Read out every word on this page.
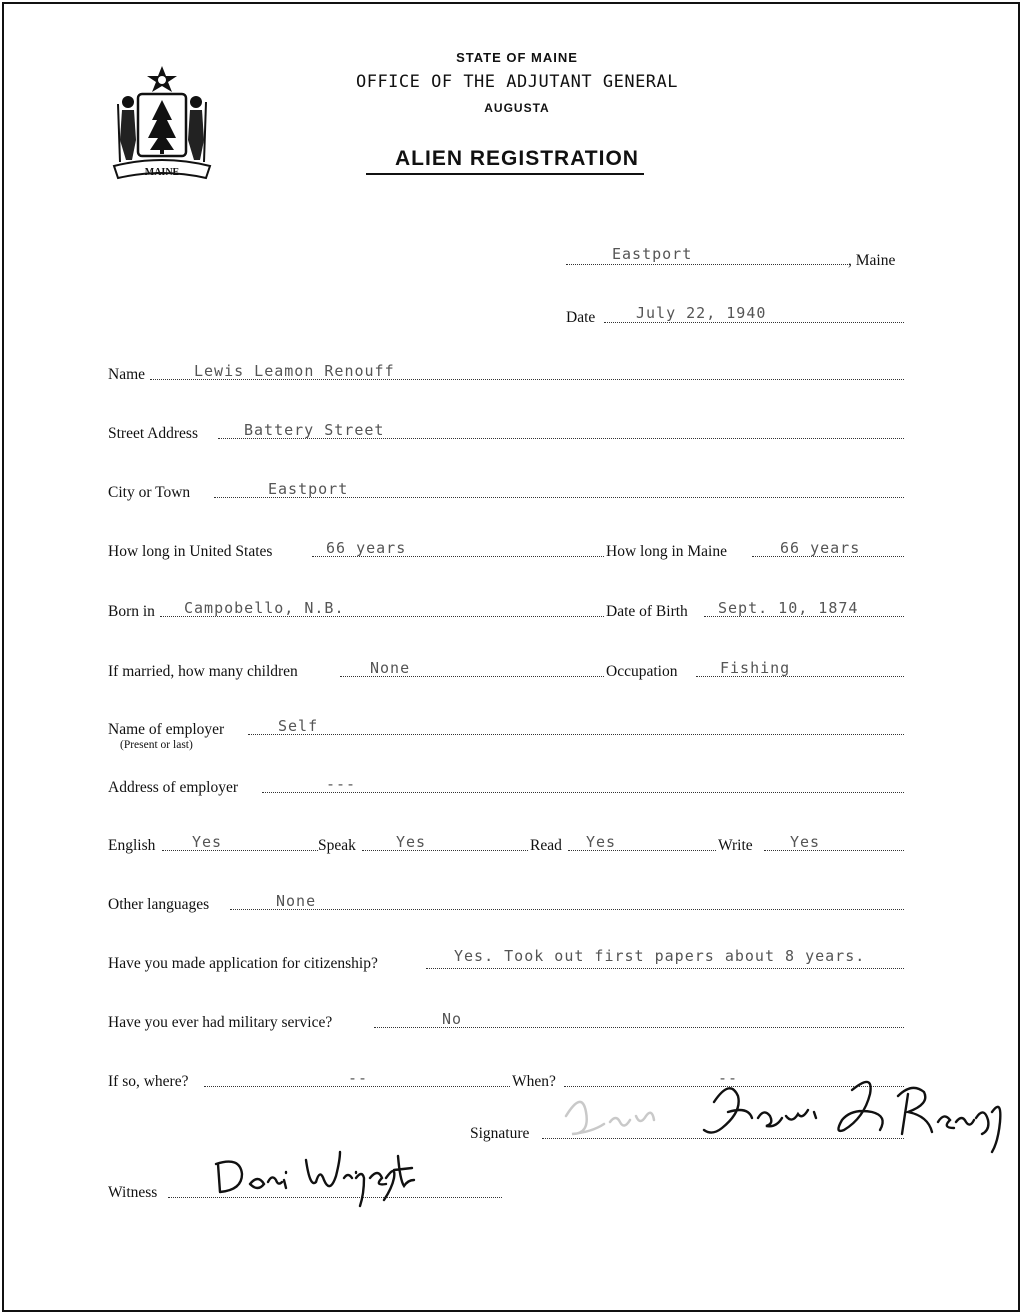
MAINE
STATE OF MAINE
OFFICE OF THE ADJUTANT GENERAL
AUGUSTA
ALIEN REGISTRATION
Eastport	, Maine
Date	July 22, 1940
Name	Lewis Leamon Renouff
Street Address	Battery Street
City or Town	Eastport
How long in United States	66 years	How long in Maine	66 years
Born in Campobello, N.B.	Date of Birth Sept. 10, 1874
If married, how many children	None	Occupation	Fishing
Name of employer
(Present or last)
Self
Address of employer	---
English Yes	Speak	Yes	Read Yes	Write Yes
Other languages	None
Have you made application for citizenship?	Yes. Took out first papers about 8 years.
Have you ever had military service?	No
If so, where?	--	When?	--
Signature
Witness
